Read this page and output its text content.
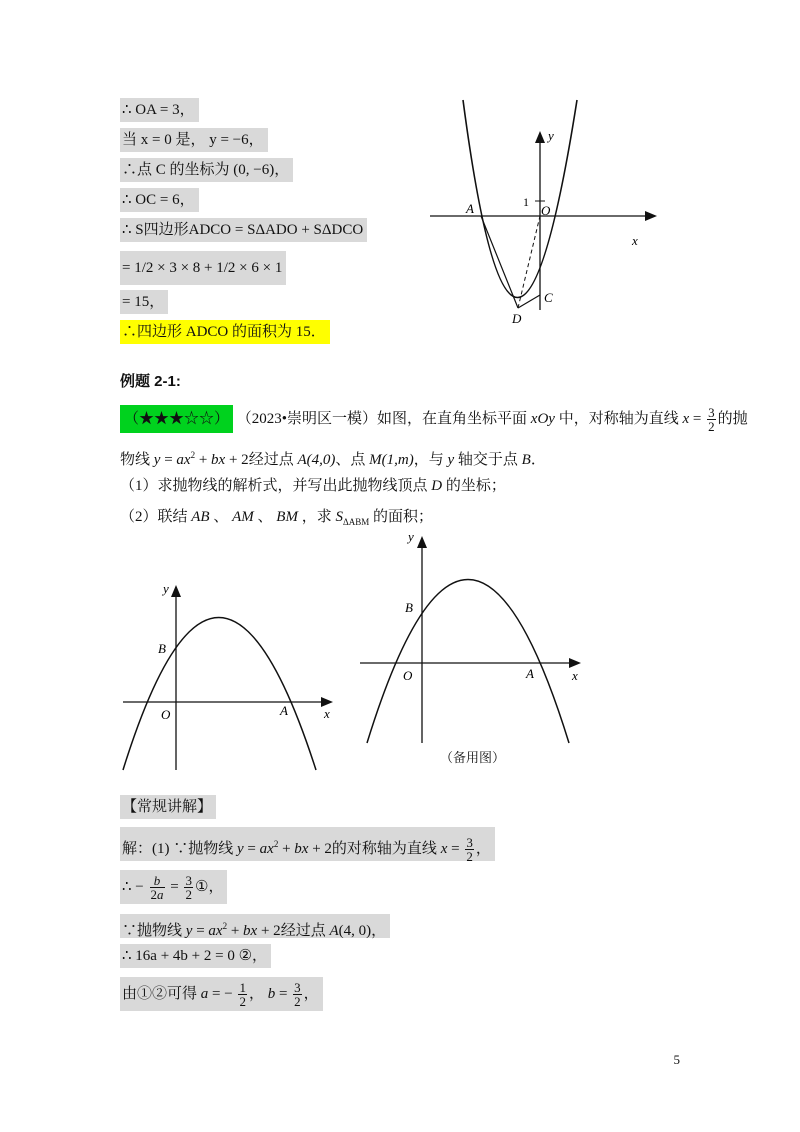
∴ OA = 3，
当 x = 0 是， y = −6，
∴点 C 的坐标为 (0, −6)，
∴ OC = 6，
∴ S四边形ADCO = SΔADO + SΔDCO
= 1/2 × 3 × 8 + 1/2 × 6 × 1
= 15，
∴四边形 ADCO 的面积为 15．
y
x
A	O
1
C
D
例题 2-1:
（★★★☆☆） （2023•崇明区一模）如图，在直角坐标平面 xOy 中，对称轴为直线 $x = \frac{3}{2}$ 的抛
物线 $y = ax^2$ + bx + 2经过点 A(4,0)、点 M(1,m)，与 y 轴交于点 B．
（1）求抛物线的解析式，并写出此抛物线顶点 D 的坐标；
（2）联结 AB 、 AM 、 BM ，求 $S_{\Delta ABM}$ 的面积；
y
x
B
O	A
y
x
B
O	A
（备用图）
【常规讲解】
解：(1) ∵抛物线 $y = ax^2$ + bx + 2的对称轴为直线 $x = \frac{3}{2}$ ，
∴ − $\frac{b}{2a} = \frac{3}{2}$ ①，
∵抛物线 $y = ax^2$ + bx + 2经过点 A(4, 0)，
∴ 16a + 4b + 2 = 0 ②，
由①②可得 a = − $\frac{1}{2}$ ， $b = \frac{3}{2}$ ，
5
